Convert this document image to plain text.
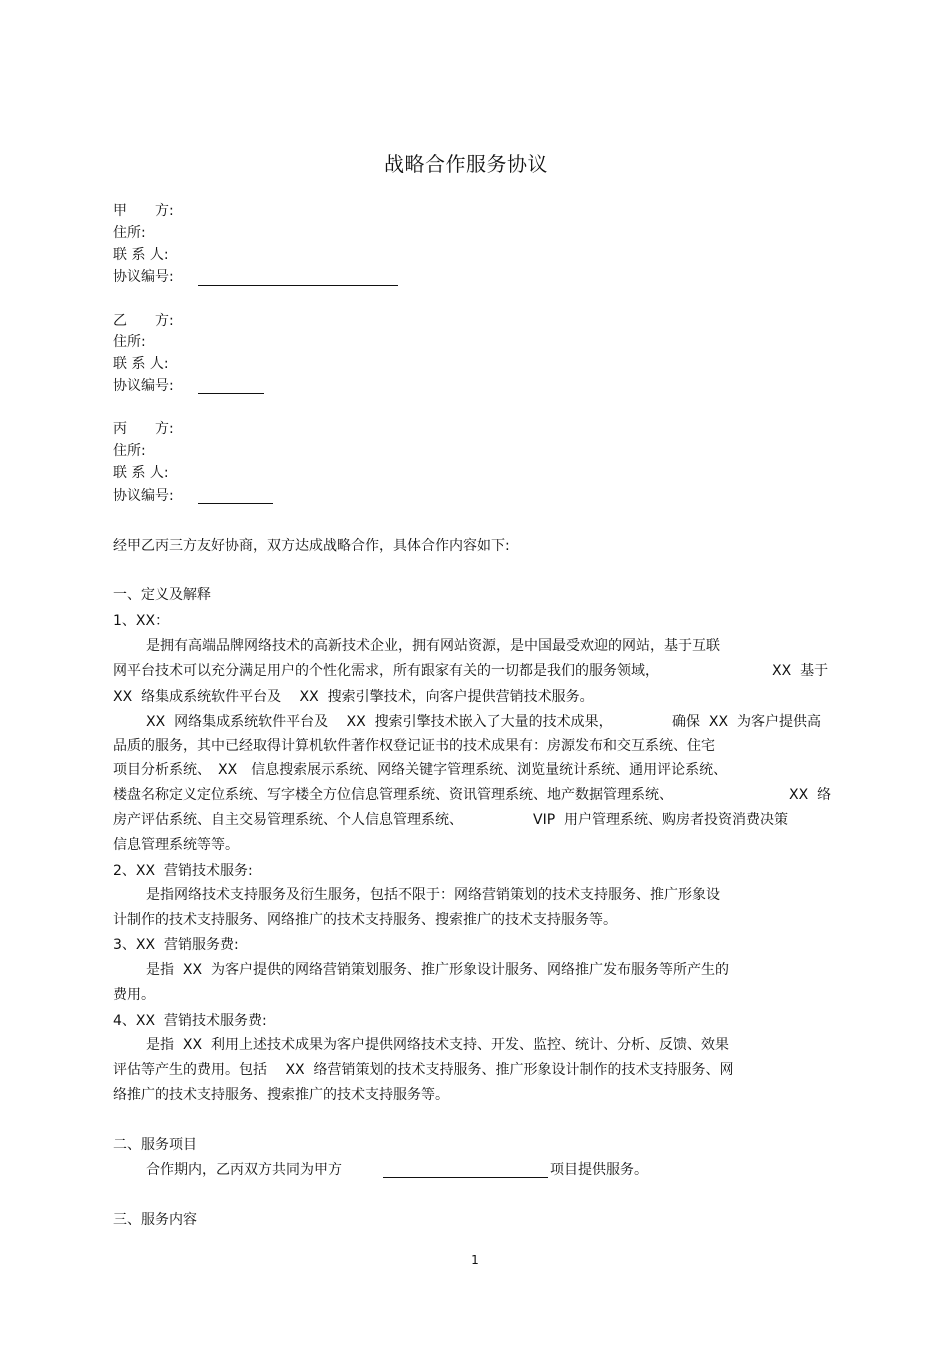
战略合作服务协议
甲　　方:
住所:
联 系 人:
协议编号:
乙　　方:
住所:
联 系 人:
协议编号:
丙　　方:
住所:
联 系 人:
协议编号:
经甲乙丙三方友好协商，双方达成战略合作，具体合作内容如下:
一、定义及解释
1、XX：
是拥有高端品牌网络技术的高新技术企业，拥有网站资源，是中国最受欢迎的网站，基于互联
网平台技术可以充分满足用户的个性化需求，所有跟家有关的一切都是我们的服务领域，	XX  基于
XX  络集成系统软件平台及　 XX  搜索引擎技术，向客户提供营销技术服务。
XX  网络集成系统软件平台及　 XX  搜索引擎技术嵌入了大量的技术成果，	确保  XX  为客户提供高
品质的服务，其中已经取得计算机软件著作权登记证书的技术成果有：房源发布和交互系统、住宅
项目分析系统、　XX　信息搜索展示系统、网络关键字管理系统、浏览量统计系统、通用评论系统、
楼盘名称定义定位系统、写字楼全方位信息管理系统、资讯管理系统、地产数据管理系统、	XX  络
房产评估系统、自主交易管理系统、个人信息管理系统、	VIP  用户管理系统、购房者投资消费决策
信息管理系统等等。
2、XX  营销技术服务:
是指网络技术支持服务及衍生服务，包括不限于：网络营销策划的技术支持服务、推广形象设
计制作的技术支持服务、网络推广的技术支持服务、搜索推广的技术支持服务等。
3、XX  营销服务费:
是指  XX  为客户提供的网络营销策划服务、推广形象设计服务、网络推广发布服务等所产生的
费用。
4、XX  营销技术服务费:
是指  XX  利用上述技术成果为客户提供网络技术支持、开发、监控、统计、分析、反馈、效果
评估等产生的费用。包括　 XX  络营销策划的技术支持服务、推广形象设计制作的技术支持服务、网
络推广的技术支持服务、搜索推广的技术支持服务等。
二、服务项目
合作期内，乙丙双方共同为甲方	项目提供服务。
三、服务内容
1
